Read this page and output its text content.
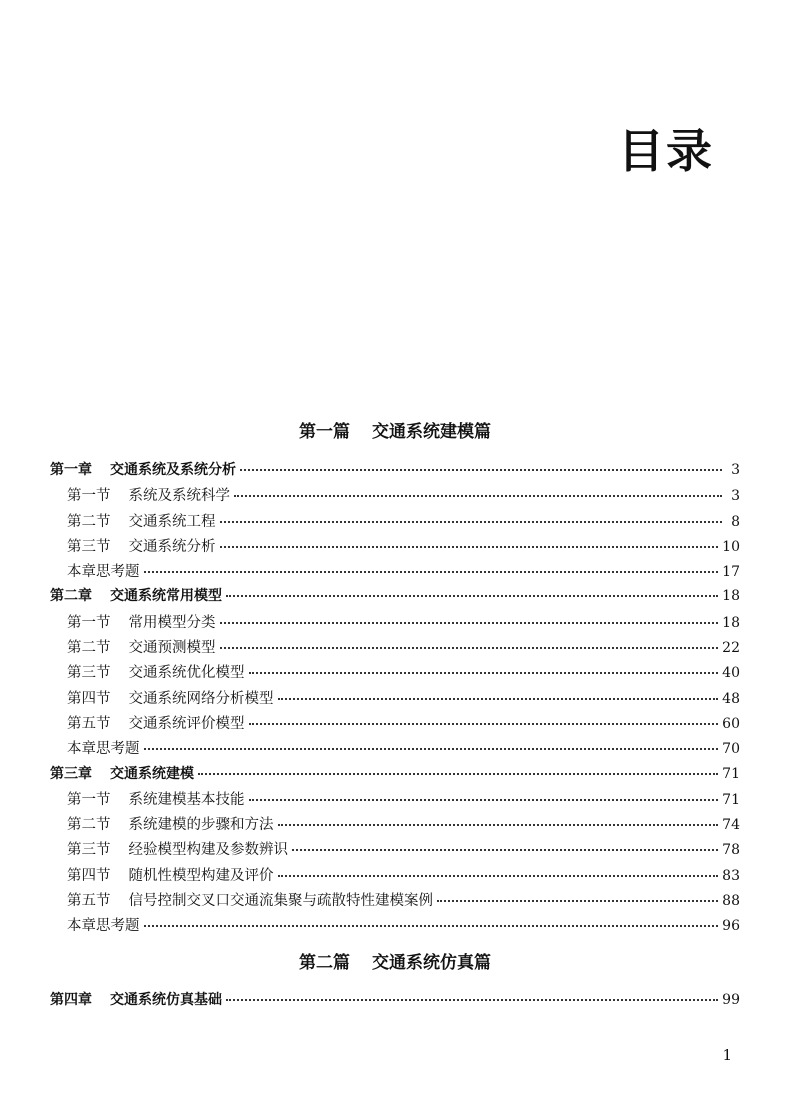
目录
第一篇 交通系统建模篇
第一章 交通系统及系统分析	3
第一节 系统及系统科学	3
第二节 交通系统工程	8
第三节 交通系统分析	10
本章思考题	17
第二章 交通系统常用模型	18
第一节 常用模型分类	18
第二节 交通预测模型	22
第三节 交通系统优化模型	40
第四节 交通系统网络分析模型	48
第五节 交通系统评价模型	60
本章思考题	70
第三章 交通系统建模	71
第一节 系统建模基本技能	71
第二节 系统建模的步骤和方法	74
第三节 经验模型构建及参数辨识	78
第四节 随机性模型构建及评价	83
第五节 信号控制交叉口交通流集聚与疏散特性建模案例	88
本章思考题	96
第二篇 交通系统仿真篇
第四章 交通系统仿真基础	99
1
